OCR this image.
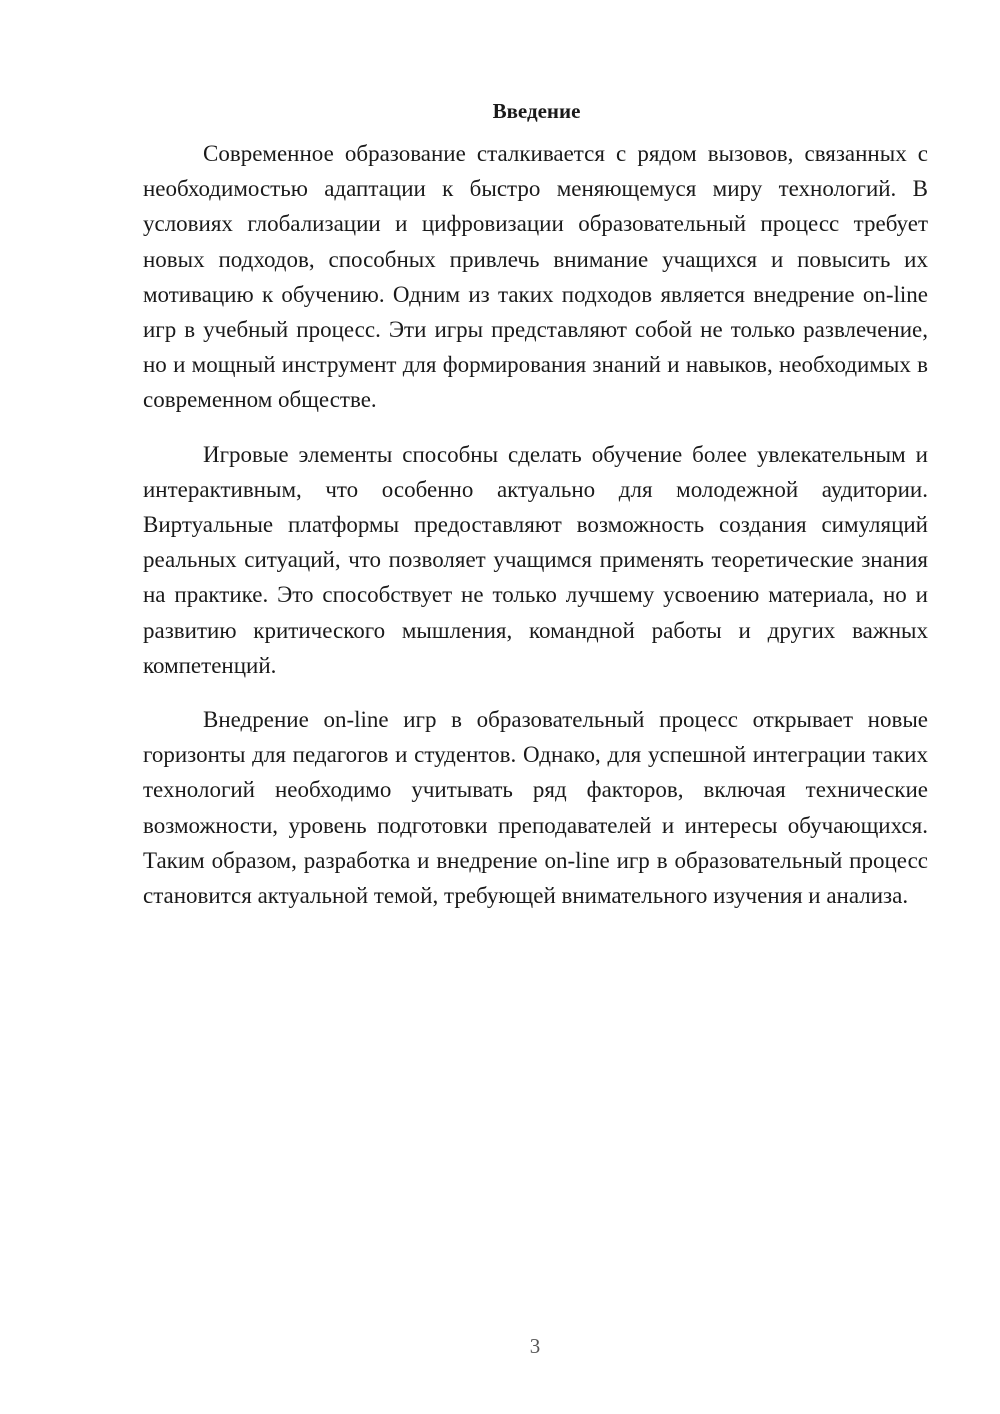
Введение

Современное образование сталкивается с рядом вызовов, связанных с необходимостью адаптации к быстро меняющемуся миру технологий. В условиях глобализации и цифровизации образовательный процесс требует новых подходов, способных привлечь внимание учащихся и повысить их мотивацию к обучению. Одним из таких подходов является внедрение on-line игр в учебный процесс. Эти игры представляют собой не только развлечение, но и мощный инструмент для формирования знаний и навыков, необходимых в современном обществе.

Игровые элементы способны сделать обучение более увлекательным и интерактивным, что особенно актуально для молодежной аудитории. Виртуальные платформы предоставляют возможность создания симуляций реальных ситуаций, что позволяет учащимся применять теоретические знания на практике. Это способствует не только лучшему усвоению материала, но и развитию критического мышления, командной работы и других важных компетенций.

Внедрение on-line игр в образовательный процесс открывает новые горизонты для педагогов и студентов. Однако, для успешной интеграции таких технологий необходимо учитывать ряд факторов, включая технические возможности, уровень подготовки преподавателей и интересы обучающихся. Таким образом, разработка и внедрение on-line игр в образовательный процесс становится актуальной темой, требующей внимательного изучения и анализа.

3
